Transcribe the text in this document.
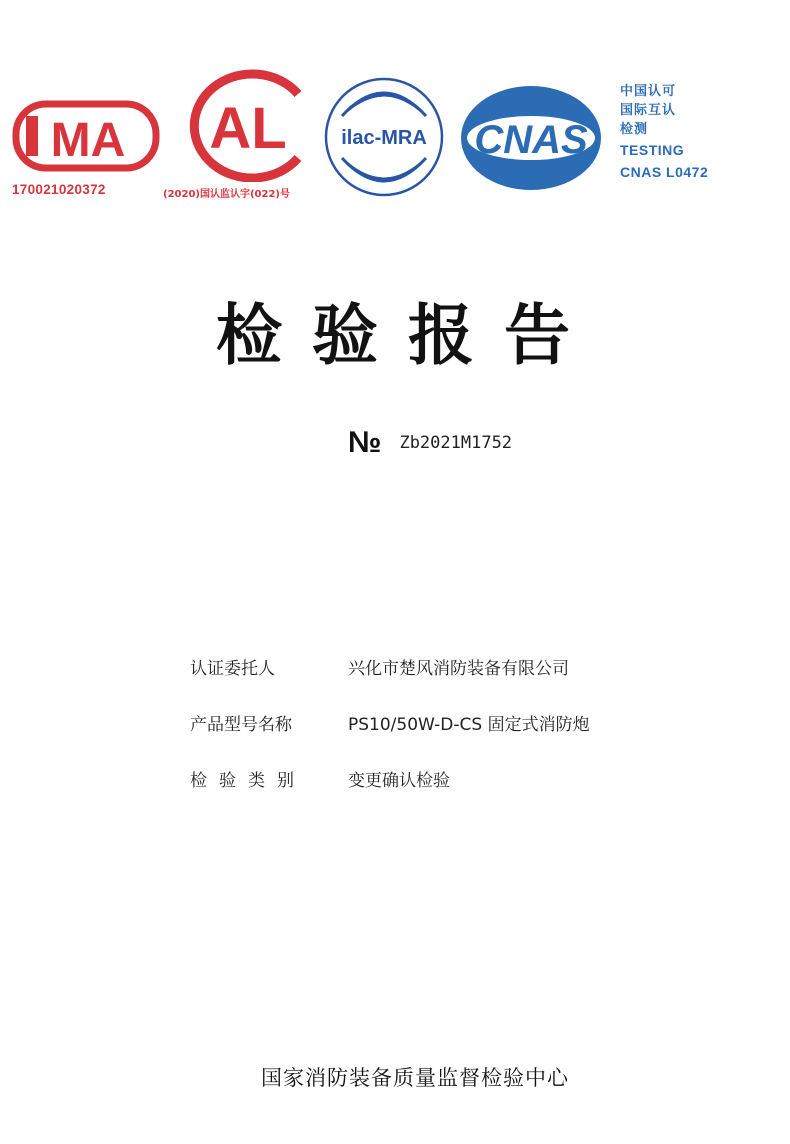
MA AL	ilac-MRA CNAS
170021020372	(2020)国认监认字(022)号
中国认可
国际互认
检测
TESTING
CNAS L0472
检验报告
№ Zb2021M1752
认证委托人	兴化市楚风消防装备有限公司
产品型号名称	PS10/50W-D-CS 固定式消防炮
检验类别	变更确认检验
国家消防装备质量监督检验中心
